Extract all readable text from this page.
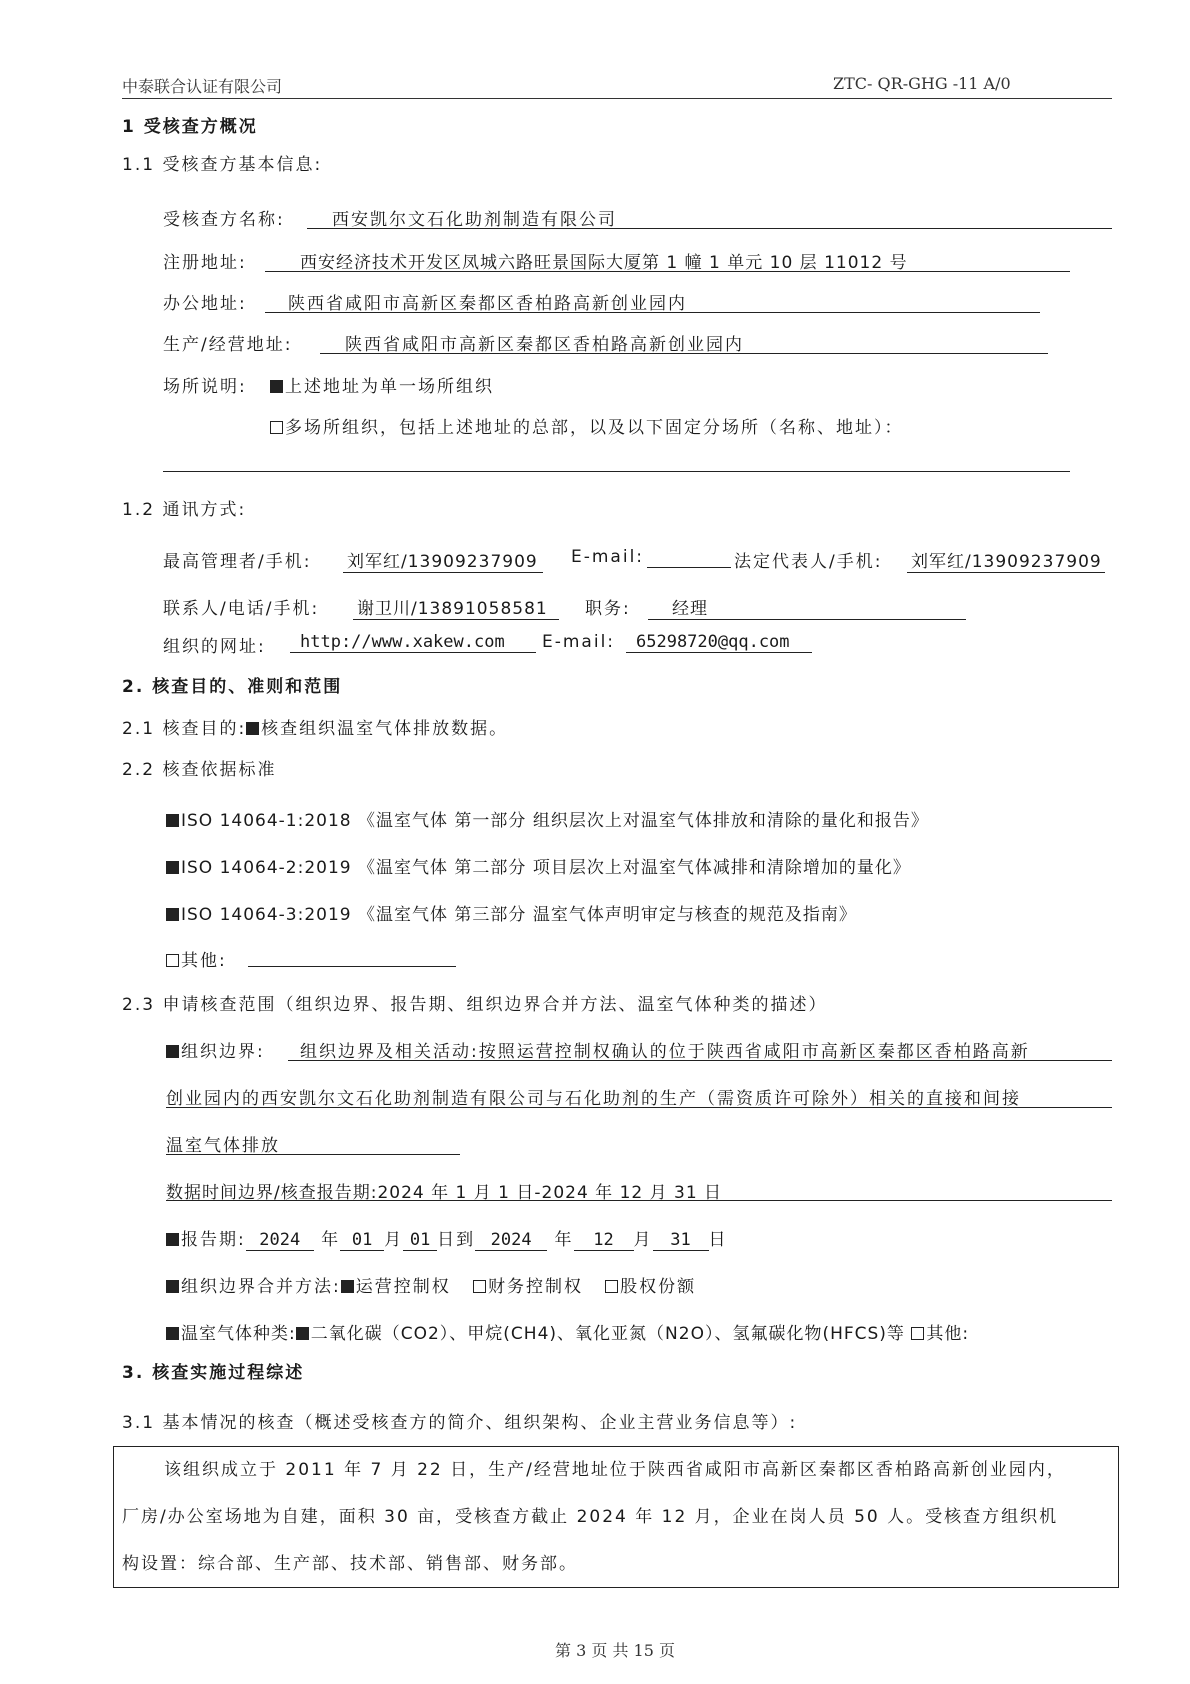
中泰联合认证有限公司	ZTC- QR-GHG -11 A/0
1 受核查方概况
1.1 受核查方基本信息:
受核查方名称:	西安凯尔文石化助剂制造有限公司
注册地址:	西安经济技术开发区凤城六路旺景国际大厦第 1 幢 1 单元 10 层 11012 号
办公地址: 陕西省咸阳市高新区秦都区香柏路高新创业园内
生产/经营地址:	陕西省咸阳市高新区秦都区香柏路高新创业园内
场所说明:	上述地址为单一场所组织
多场所组织，包括上述地址的总部，以及以下固定分场所（名称、地址）：
1.2 通讯方式:
最高管理者/手机: 刘军红/13909237909	E-mail:	法定代表人/手机: 刘军红/13909237909
联系人/电话/手机: 谢卫川/13891058581	职务:	经理
组织的网址:	http://www.xakew.com	E-mail:	65298720@qq.com
2. 核查目的、准则和范围
2.1 核查目的: 核查组织温室气体排放数据。
2.2 核查依据标准
ISO 14064-1:2018 《温室气体 第一部分 组织层次上对温室气体排放和清除的量化和报告》
ISO 14064-2:2019 《温室气体 第二部分 项目层次上对温室气体减排和清除增加的量化》
ISO 14064-3:2019 《温室气体 第三部分 温室气体声明审定与核查的规范及指南》
其他:
2.3 申请核查范围（组织边界、报告期、组织边界合并方法、温室气体种类的描述）
组织边界: 组织边界及相关活动:按照运营控制权确认的位于陕西省咸阳市高新区秦都区香柏路高新
创业园内的西安凯尔文石化助剂制造有限公司与石化助剂的生产（需资质许可除外）相关的直接和间接
温室气体排放
数据时间边界/核查报告期:2024 年 1 月 1 日-2024 年 12 月 31 日
报告期: 2024 年 01 月 01 日到 2024 年 12 月 31 日
组织边界合并方法: 运营控制权 财务控制权 股权份额
温室气体种类: 二氧化碳（CO2）、甲烷(CH4)、氧化亚氮（N2O）、氢氟碳化物(HFCS)等 其他:
3. 核查实施过程综述
3.1 基本情况的核查（概述受核查方的简介、组织架构、企业主营业务信息等）:

该组织成立于 2011 年 7 月 22 日，生产/经营地址位于陕西省咸阳市高新区秦都区香柏路高新创业园内，

厂房/办公室场地为自建，面积 30 亩，受核查方截止 2024 年 12 月，企业在岗人员 50 人。受核查方组织机

构设置：综合部、生产部、技术部、销售部、财务部。

第 3 页 共 15 页
